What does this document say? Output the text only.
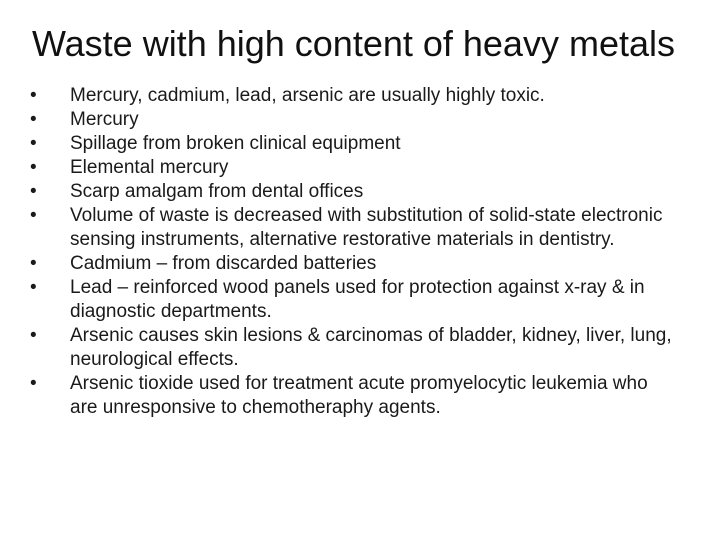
Waste with high content of heavy metals
• Mercury, cadmium, lead, arsenic are usually highly toxic.
• Mercury
• Spillage from broken clinical equipment
• Elemental mercury
• Scarp amalgam from dental offices
• Volume of waste is decreased with substitution of solid-state electronic sensing instruments, alternative restorative materials in dentistry.
• Cadmium – from discarded batteries
• Lead – reinforced wood panels used for protection against x-ray & in diagnostic departments.
• Arsenic causes skin lesions & carcinomas of bladder, kidney, liver, lung, neurological effects.
• Arsenic tioxide used for treatment acute promyelocytic leukemia who are unresponsive to chemotheraphy agents.
